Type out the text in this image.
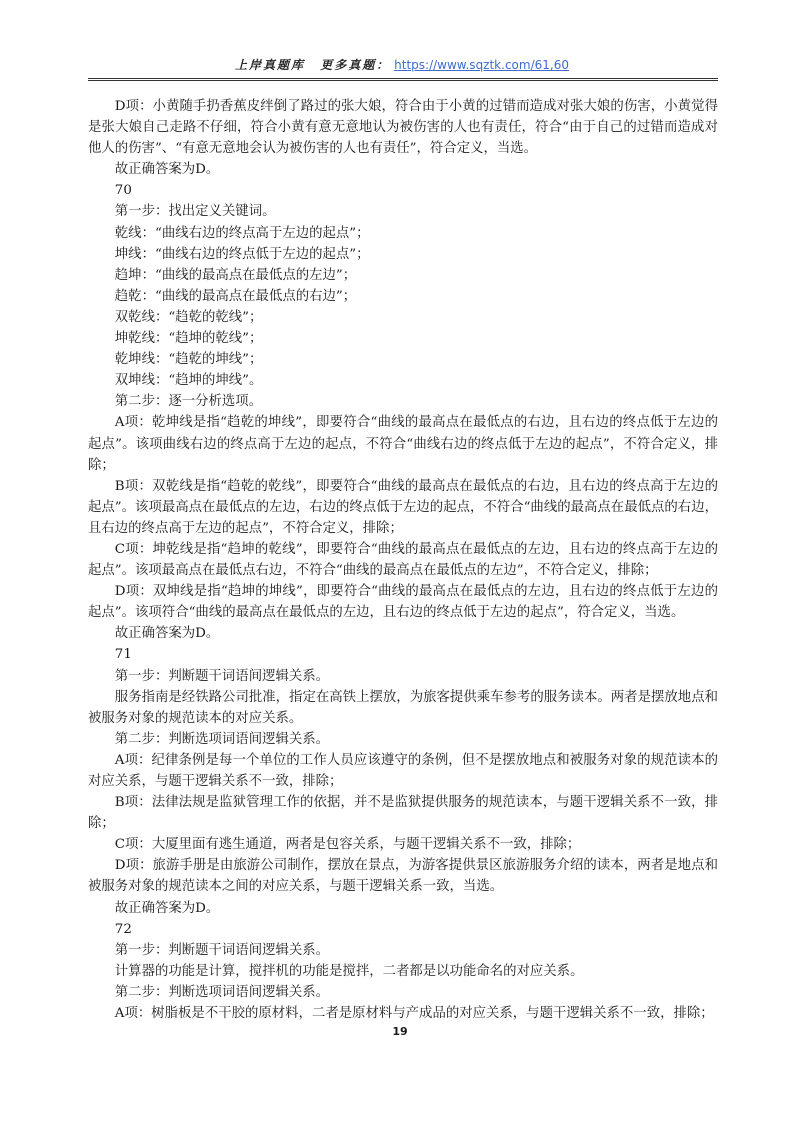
上岸真题库 更多真题： https://www.sqztk.com/61,60

D项：小黄随手扔香蕉皮绊倒了路过的张大娘，符合由于小黄的过错而造成对张大娘的伤害，小黄觉得是张大娘自己走路不仔细，符合小黄有意无意地认为被伤害的人也有责任，符合“由于自己的过错而造成对他人的伤害”、“有意无意地会认为被伤害的人也有责任”，符合定义，当选。

故正确答案为D。

70

第一步：找出定义关键词。

乾线：“曲线右边的终点高于左边的起点”；

坤线：“曲线右边的终点低于左边的起点”；

趋坤：“曲线的最高点在最低点的左边”；

趋乾：“曲线的最高点在最低点的右边”；

双乾线：“趋乾的乾线”；

坤乾线：“趋坤的乾线”；

乾坤线：“趋乾的坤线”；

双坤线：“趋坤的坤线”。

第二步：逐一分析选项。

A项：乾坤线是指“趋乾的坤线”，即要符合“曲线的最高点在最低点的右边，且右边的终点低于左边的起点”。该项曲线右边的终点高于左边的起点，不符合“曲线右边的终点低于左边的起点”，不符合定义，排除；

B项：双乾线是指“趋乾的乾线”，即要符合“曲线的最高点在最低点的右边，且右边的终点高于左边的起点”。该项最高点在最低点的左边，右边的终点低于左边的起点，不符合“曲线的最高点在最低点的右边，且右边的终点高于左边的起点”，不符合定义，排除；

C项：坤乾线是指“趋坤的乾线”，即要符合“曲线的最高点在最低点的左边，且右边的终点高于左边的起点”。该项最高点在最低点右边，不符合“曲线的最高点在最低点的左边”，不符合定义，排除；

D项：双坤线是指“趋坤的坤线”，即要符合“曲线的最高点在最低点的左边，且右边的终点低于左边的起点”。该项符合“曲线的最高点在最低点的左边，且右边的终点低于左边的起点”，符合定义，当选。

故正确答案为D。

71

第一步：判断题干词语间逻辑关系。

服务指南是经铁路公司批准，指定在高铁上摆放，为旅客提供乘车参考的服务读本。两者是摆放地点和被服务对象的规范读本的对应关系。

第二步：判断选项词语间逻辑关系。

A项：纪律条例是每一个单位的工作人员应该遵守的条例，但不是摆放地点和被服务对象的规范读本的对应关系，与题干逻辑关系不一致，排除；

B项：法律法规是监狱管理工作的依据，并不是监狱提供服务的规范读本，与题干逻辑关系不一致，排除；

C项：大厦里面有逃生通道，两者是包容关系，与题干逻辑关系不一致，排除；

D项：旅游手册是由旅游公司制作，摆放在景点，为游客提供景区旅游服务介绍的读本，两者是地点和被服务对象的规范读本之间的对应关系，与题干逻辑关系一致，当选。

故正确答案为D。

72

第一步：判断题干词语间逻辑关系。

计算器的功能是计算，搅拌机的功能是搅拌，二者都是以功能命名的对应关系。

第二步：判断选项词语间逻辑关系。

A项：树脂板是不干胶的原材料，二者是原材料与产成品的对应关系，与题干逻辑关系不一致，排除；

19
